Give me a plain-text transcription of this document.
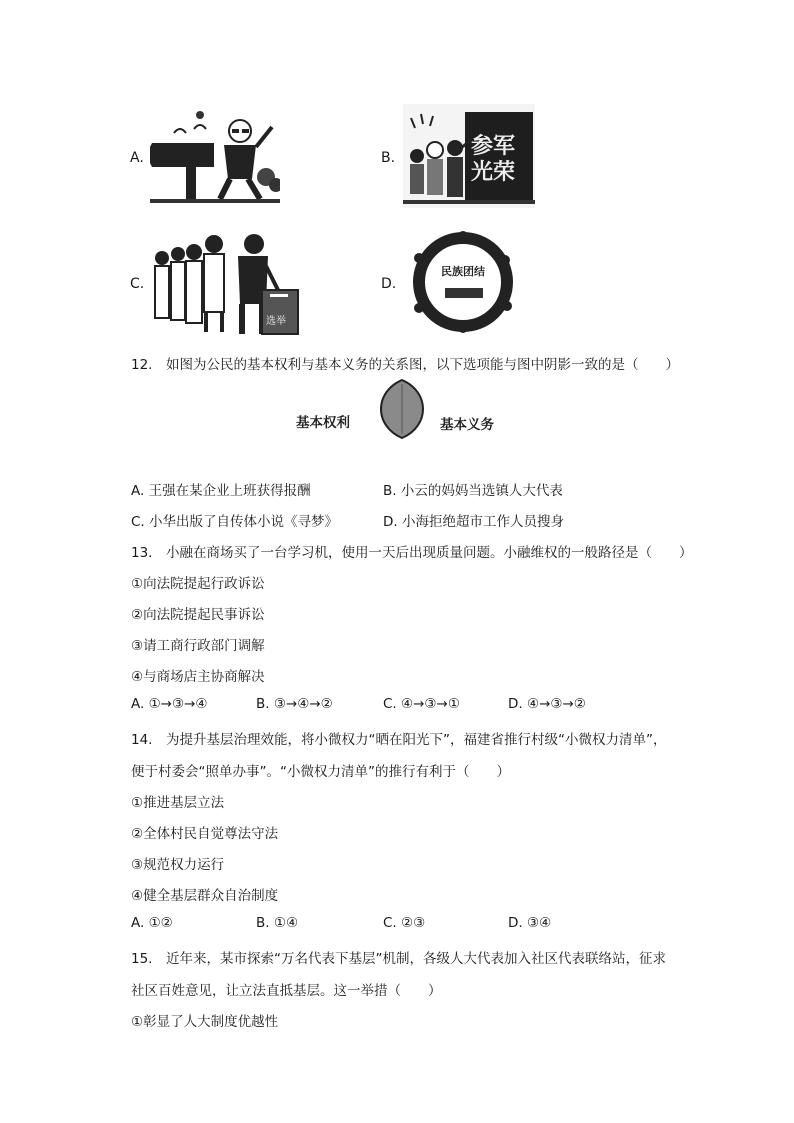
A.	B.	参军光荣
C.
选举
D.
民族团结
12.　如图为公民的基本权利与基本义务的关系图，以下选项能与图中阴影一致的是（　　）
基本权利	基本义务
A. 王强在某企业上班获得报酬	B. 小云的妈妈当选镇人大代表
C. 小华出版了自传体小说《寻梦》	D. 小海拒绝超市工作人员搜身
13.　小融在商场买了一台学习机，使用一天后出现质量问题。小融维权的一般路径是（　　）
①向法院提起行政诉讼
②向法院提起民事诉讼
③请工商行政部门调解
④与商场店主协商解决
A. ①→③→④	B. ③→④→②	C. ④→③→①	D. ④→③→②
14.　为提升基层治理效能，将小微权力“晒在阳光下”，福建省推行村级“小微权力清单”，
便于村委会“照单办事”。“小微权力清单”的推行有利于（　　）
①推进基层立法
②全体村民自觉尊法守法
③规范权力运行
④健全基层群众自治制度
A. ①②	B. ①④	C. ②③	D. ③④
15.　近年来，某市探索“万名代表下基层”机制，各级人大代表加入社区代表联络站，征求
社区百姓意见，让立法直抵基层。这一举措（　　）
①彰显了人大制度优越性
